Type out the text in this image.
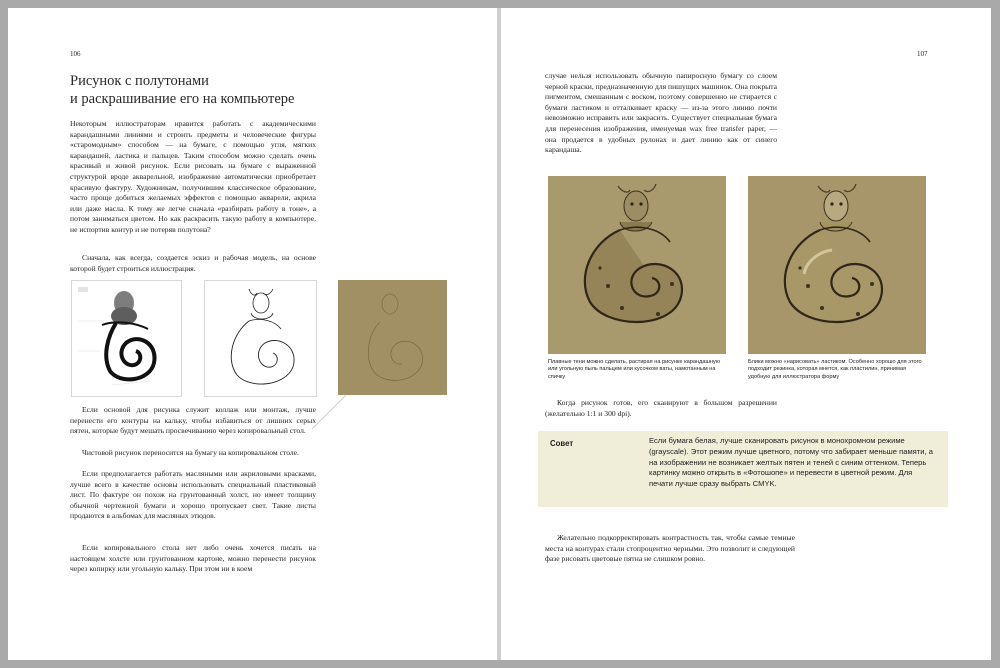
106
Рисунок с полутонами
и раскрашивание его на компьютере

Некоторым иллюстраторам нравится работать с академическими карандашными линиями и строить предметы и человеческие фигуры «старомодным» способом — на бумаге, с помощью угля, мягких карандашей, ластика и пальцев. Таким способом можно сделать очень красивый и живой рисунок. Если рисовать на бумаге с выраженной структурой вроде акварельной, изображение автоматически приобретает красивую фактуру. Художникам, получившим классическое образование, часто проще добиться желаемых эффектов с помощью акварели, акрила или даже масла. К тому же легче сначала «разбирать работу в тоне», а потом заниматься цветом. Но как раскрасить такую работу в компьютере, не испортив контур и не потеряв полутона?

Сначала, как всегда, создается эскиз и рабочая модель, на основе которой будет строиться иллюстрация.

Если основой для рисунка служит коллаж или монтаж, лучше перенести его контуры на кальку, чтобы избавиться от лишних серых пятен, которые будут мешать просвечиванию через копировальный стол.

Чистовой рисунок переносится на бумагу на копировальном столе.

Если предполагается работать масляными или акриловыми красками, лучше всего в качестве основы использовать специальный пластиковый лист. По фактуре он похож на грунтованный холст, но имеет толщину обычной чертежной бумаги и хорошо пропускает свет. Такие листы продаются в альбомах для масляных этюдов.

Если копировального стола нет либо очень хочется писать на настоящем холсте или грунтованном картоне, можно перенести рисунок через копирку или угольную кальку. При этом ни в коем

107

случае нельзя использовать обычную папиросную бумагу со слоем черной краски, предназначенную для пишущих машинок. Она покрыта пигментом, смешанным с воском, поэтому совершенно не стирается с бумаги ластиком и отталкивает краску — из-за этого линию почти невозможно исправить или закрасить. Существует специальная бумага для перенесения изображения, именуемая wax free transfer paper, — она продается в удобных рулонах и дает линию как от синего карандаша.

Плавные тени можно сделать, растирая на рисунке карандашную или угольную пыль пальцем или кусочком ваты, намотанным на спичку
Блики можно «нарисовать» ластиком. Особенно хорошо для этого подходит резинка, которая мнется, как пластилин, принимая удобную для иллюстратора форму

Когда рисунок готов, его сканируют в большом разрешении (желательно 1:1 и 300 dpi).

Совет	Если бумага белая, лучше сканировать рисунок в монохромном режиме (grayscale). Этот режим лучше цветного, потому что забирает меньше памяти, а на изображении не возникает желтых пятен и теней с синим оттенком. Теперь картинку можно открыть в «Фотошопе» и перевести в цветной режим. Для печати лучше сразу выбрать CMYK.

Желательно подкорректировать контрастность так, чтобы самые темные места на контурах стали стопроцентно черными. Это позволит и следующей фазе рисовать цветовые пятна не слишком ровно.
